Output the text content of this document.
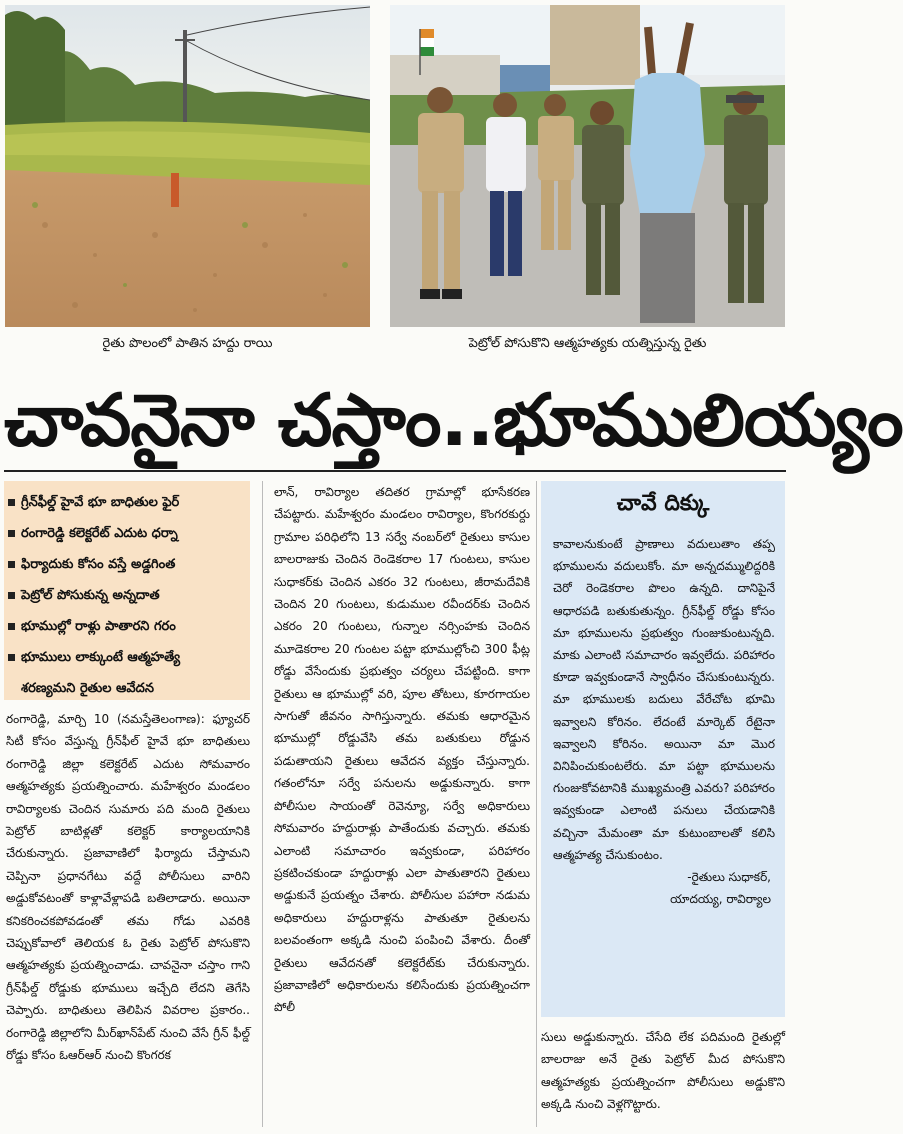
రైతు పొలంలో పాతిన హద్దు రాయి	పెట్రోల్ పోసుకొని ఆత్మహత్యకు యత్నిస్తున్న రైతు
చావనైనా చస్తాం..భూములియ్యం
గ్రీన్‌ఫీల్డ్ హైవే భూ బాధితుల ఫైర్
రంగారెడ్డి కలెక్టరేట్ ఎదుట ధర్నా
ఫిర్యాదుకు కోసం వస్తే అడ్డగింత
పెట్రోల్ పోసుకున్న అన్నదాత
భూముల్లో రాళ్లు పాతారని గరం
భూములు లాక్కుంటే ఆత్మహత్యే
శరణ్యమని రైతుల ఆవేదన

రంగారెడ్డి, మార్చి 10 (నమస్తేతెలంగాణ): ఫ్యూచర్ సిటీ కోసం వేస్తున్న గ్రీన్‌ఫీల్ హైవే భూ బాధితులు రంగారెడ్డి జిల్లా కలెక్టరేట్ ఎదుట సోమవారం ఆత్మహత్యకు ప్రయత్నించారు. మహేశ్వరం మండలం రావిర్యాలకు చెందిన సుమారు పది మంది రైతులు పెట్రోల్ బాటిళ్లతో కలెక్టర్ కార్యాలయానికి చేరుకున్నారు. ప్రజావాణిలో ఫిర్యాదు చేస్తామని చెప్పినా ప్రధానగేటు వద్దే పోలీసులు వారిని అడ్డుకోవటంతో కాళ్లావేళ్లాపడి బతిలాడారు. అయినా కనికరించకపోవడంతో తమ గోడు ఎవరికి చెప్పుకోవాలో తెలియక ఓ రైతు పెట్రోల్ పోసుకొని ఆత్మహత్యకు ప్రయత్నించాడు. చావనైనా చస్తాం గాని గ్రీన్‌ఫీల్డ్ రోడ్డుకు భూములు ఇచ్చేది లేదని తెగేసి చెప్పారు. బాధితులు తెలిపిన వివరాల ప్రకారం.. రంగారెడ్డి జిల్లాలోని మీర్‌ఖాన్‌పేట్ నుంచి వేసే గ్రీన్ ఫీల్డ్ రోడ్డు కోసం ఓఆర్‌ఆర్ నుంచి కొంగరక

లాన్, రావిర్యాల తదితర గ్రామాల్లో భూసేకరణ చేపట్టారు. మహేశ్వరం మండలం రావిర్యాల, కొంగరకుర్దు గ్రామాల పరిధిలోని 13 సర్వే నంబర్‌లో రైతులు కాసుల బాలరాజుకు చెందిన రెండెకరాల 17 గుంటలు, కాసుల సుధాకర్‌కు చెందిన ఎకరం 32 గుంటలు, జీరామదేవికి చెందిన 20 గుంటలు, కుడుముల రవీందర్‌కు చెందిన ఎకరం 20 గుంటలు, గున్నాల నర్సింహకు చెందిన మూడెకరాల 20 గుంటల పట్టా భూముల్లోంచి 300 ఫీట్ల రోడ్డు వేసేందుకు ప్రభుత్వం చర్యలు చేపట్టింది. కాగా రైతులు ఆ భూముల్లో వరి, పూల తోటలు, కూరగాయల సాగుతో జీవనం సాగిస్తున్నారు. తమకు ఆధారమైన భూముల్లో రోడ్డువేసి తమ బతుకులు రోడ్డున పడుతాయని రైతులు ఆవేదన వ్యక్తం చేస్తున్నారు. గతంలోనూ సర్వే పనులను అడ్డుకున్నారు. కాగా పోలీసుల సాయంతో రెవెన్యూ, సర్వే అధికారులు సోమవారం హద్దురాళ్లు పాతేందుకు వచ్చారు. తమకు ఎలాంటి సమాచారం ఇవ్వకుండా, పరిహారం ప్రకటించకుండా హద్దురాళ్లు ఎలా పాతుతారని రైతులు అడ్డుకునే ప్రయత్నం చేశారు. పోలీసుల పహారా నడుమ అధికారులు హద్దురాళ్లను పాతుతూ రైతులను బలవంతంగా అక్కడి నుంచి పంపించి వేశారు. దీంతో రైతులు ఆవేదనతో కలెక్టరేట్‌కు చేరుకున్నారు. ప్రజావాణిలో అధికారులను కలిసేందుకు ప్రయత్నించగా పోలీ

చావే దిక్కు
కావాలనుకుంటే ప్రాణాలు వదులుతాం తప్ప భూములను వదులుకోం. మా అన్నదమ్ములిద్దరికి చెరో రెండెకరాల పొలం ఉన్నది. దానిపైనే ఆధారపడి బతుకుతున్నం. గ్రీన్‌ఫీల్డ్ రోడ్డు కోసం మా భూములను ప్రభుత్వం గుంజుకుంటున్నది. మాకు ఎలాంటి సమాచారం ఇవ్వలేదు. పరిహారం కూడా ఇవ్వకుండానే స్వాధీనం చేసుకుంటున్నరు. మా భూములకు బదులు వేరేచోట భూమి ఇవ్వాలని కోరినం. లేదంటే మార్కెట్ రేటైనా ఇవ్వాలని కోరినం. అయినా మా మొర వినిపించుకుంటలేరు. మా పట్టా భూములను గుంజుకోవటానికి ముఖ్యమంత్రి ఎవరు? పరిహారం ఇవ్వకుండా ఎలాంటి పనులు చేయడానికి వచ్చినా మేమంతా మా కుటుంబాలతో కలిసి ఆత్మహత్య చేసుకుంటం.
-రైతులు సుధాకర్,
యాదయ్య, రావిర్యాల

సులు అడ్డుకున్నారు. చేసేది లేక పదిమంది రైతుల్లో బాలరాజు అనే రైతు పెట్రోల్ మీద పోసుకొని ఆత్మహత్యకు ప్రయత్నించగా పోలీసులు అడ్డుకొని అక్కడి నుంచి వెళ్లగొట్టారు.
